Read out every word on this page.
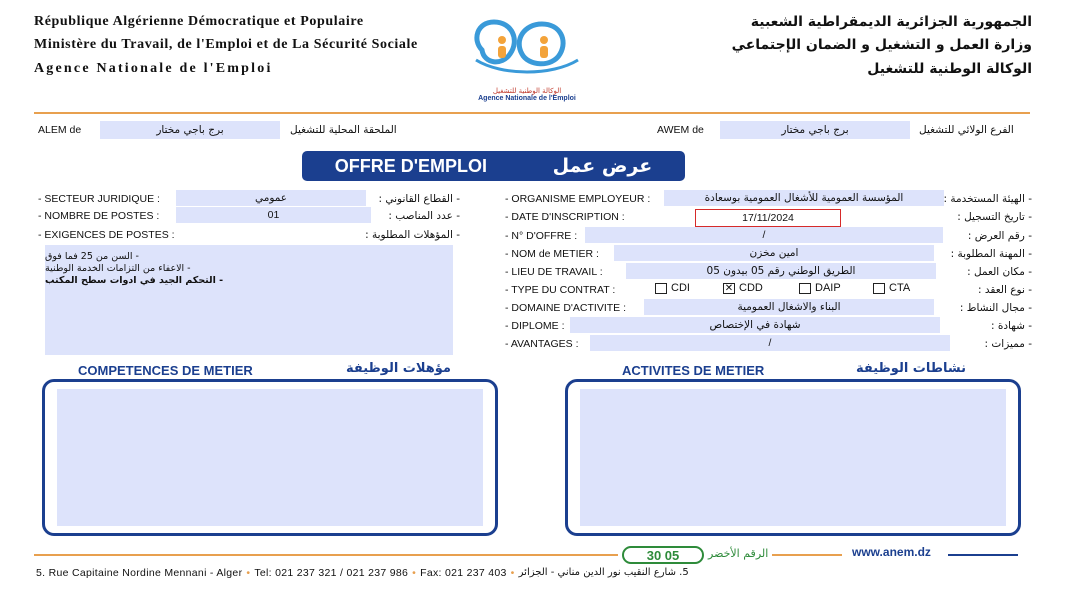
République Algérienne Démocratique et Populaire
Ministère du Travail, de l'Emploi et de La Sécurité Sociale
Agence Nationale de l'Emploi
الجمهورية الجزائرية الديمقراطية الشعبية
وزارة العمل و التشغيل و الضمان الإجتماعي
الوكالة الوطنية للتشغيل
الوكالة الوطنية للتشغيل
Agence Nationale de l'Emploi
ALEM de	برج باجي مختار	الملحقة المحلية للتشغيل	AWEM de	برج باجي مختار	الفرع الولائي للتشغيل
OFFRE D'EMPLOI	عرض عمل
- SECTEUR JURIDIQUE :	عمومي	- القطاع القانوني :
- NOMBRE DE POSTES :	01	- عدد المناصب :
- EXIGENCES DE POSTES :	- المؤهلات المطلوبة :
- السن من 25 فما فوق
- الاعفاء من التزامات الخدمة الوطنية
- التحكم الجيد في ادوات سطح المكتب
- ORGANISME EMPLOYEUR :	المؤسسة العمومية للأشغال العمومية بوسعادة	- الهيئة المستخدمة :
- DATE D'INSCRIPTION :	17/11/2024	- تاريخ التسجيل :
- N° D'OFFRE :	/	- رقم العرض :
- NOM de METIER :	امين مخزن	- المهنة المطلوبة :
- LIEU DE TRAVAIL :	الطريق الوطني رقم 05 بيدون 05	- مكان العمل :
- TYPE DU CONTRAT :	CDI	✕ CDD	DAIP	CTA	- نوع العقد :
- DOMAINE D'ACTIVITE :	البناء والاشغال العمومية	- مجال النشاط :
- DIPLOME :	شهادة في الإختصاص	- شهادة :
- AVANTAGES :	/	- مميزات :
COMPETENCES DE METIER	مؤهلات الوظيفة	ACTIVITES DE METIER	نشاطات الوظيفة
30 05	الرقم الأخضر	www.anem.dz
5. Rue Capitaine Nordine Mennani - Alger • Tel: 021 237 321 / 021 237 986 • Fax: 021 237 403 • 5. شارع النقيب نور الدين مناني - الجزائر
